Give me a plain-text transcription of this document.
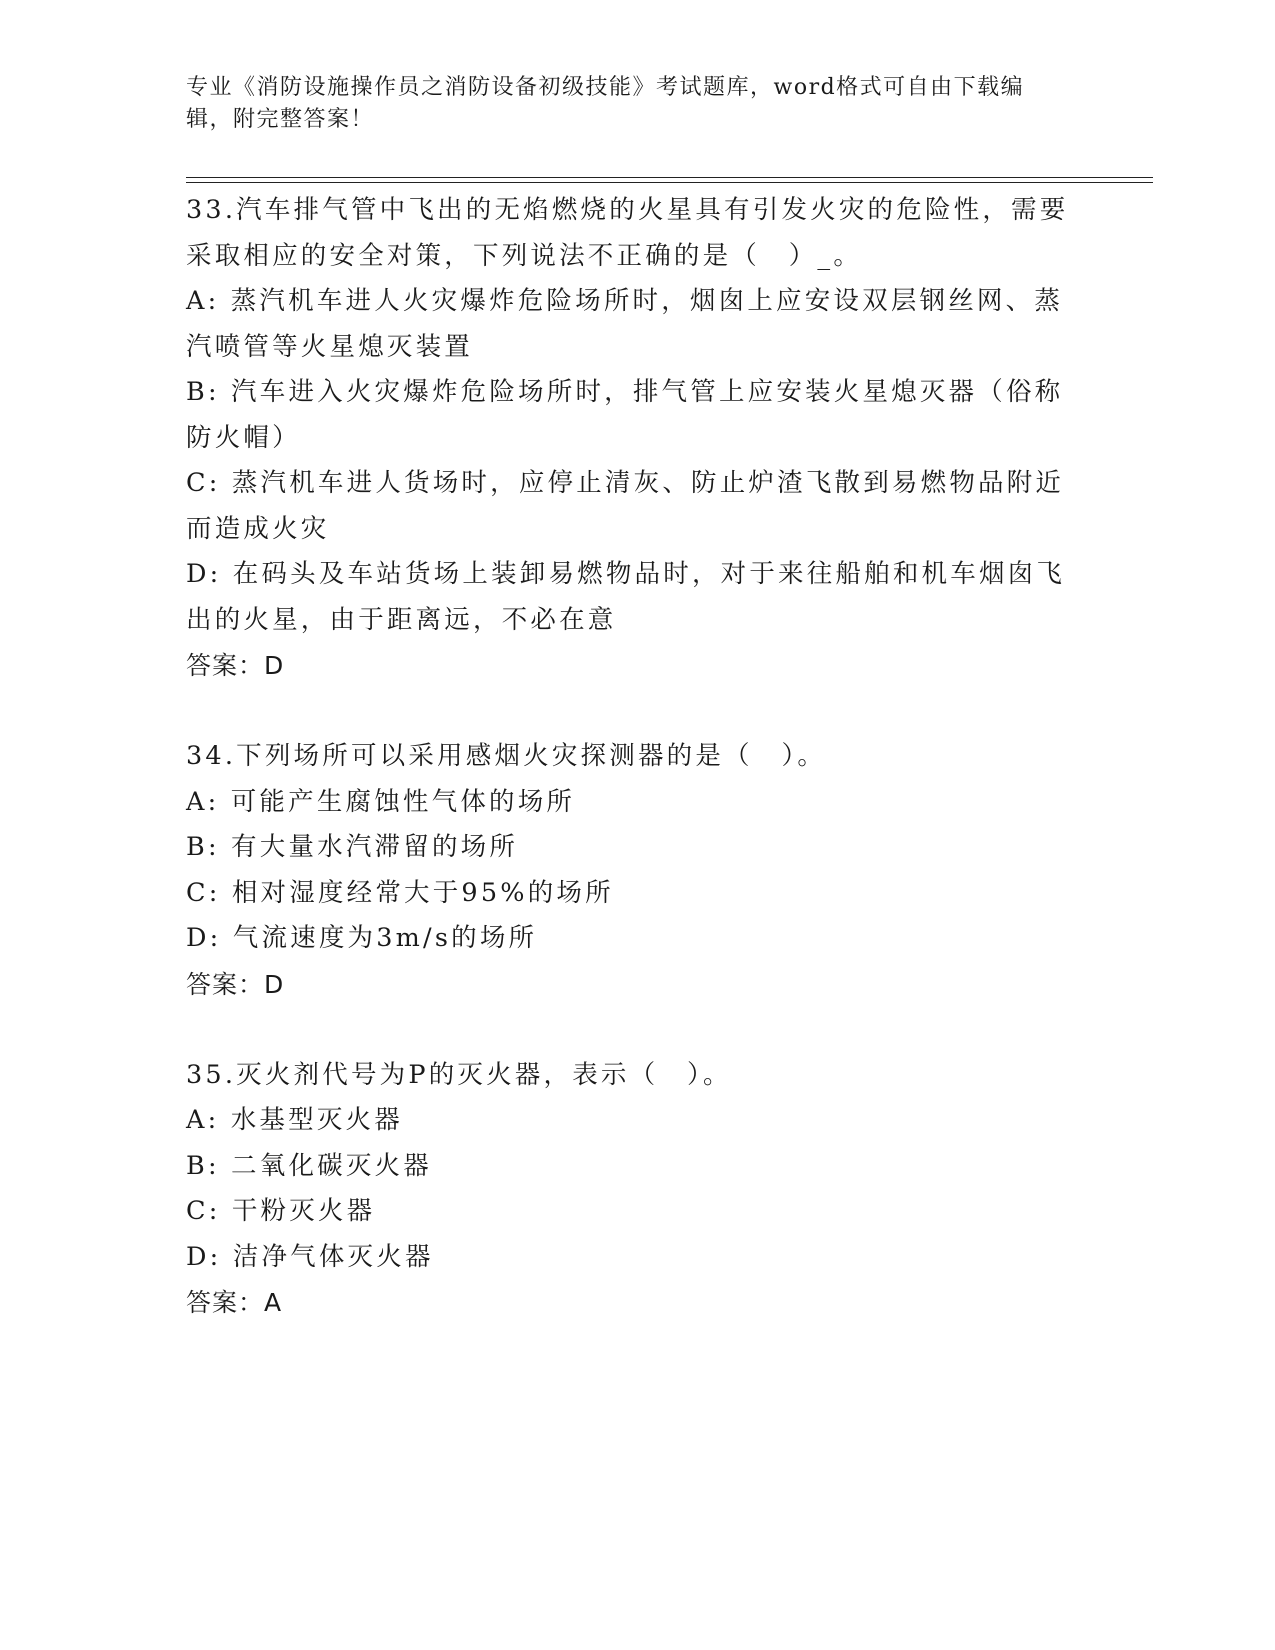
专业《消防设施操作员之消防设备初级技能》考试题库，word格式可自由下载编辑，附完整答案！
33.汽车排气管中飞出的无焰燃烧的火星具有引发火灾的危险性，需要采取相应的安全对策，下列说法不正确的是（　）_。
A: 蒸汽机车进人火灾爆炸危险场所时，烟囱上应安设双层钢丝网、蒸汽喷管等火星熄灭装置
B: 汽车进入火灾爆炸危险场所时，排气管上应安装火星熄灭器（俗称防火帽）
C: 蒸汽机车进人货场时，应停止清灰、防止炉渣飞散到易燃物品附近而造成火灾
D: 在码头及车站货场上装卸易燃物品时，对于来往船舶和机车烟囱飞出的火星，由于距离远，不必在意
答案：D
34.下列场所可以采用感烟火灾探测器的是（　）。
A: 可能产生腐蚀性气体的场所
B: 有大量水汽滞留的场所
C: 相对湿度经常大于95%的场所
D: 气流速度为3m/s的场所
答案：D
35.灭火剂代号为P的灭火器，表示（　）。
A: 水基型灭火器
B: 二氧化碳灭火器
C: 干粉灭火器
D: 洁净气体灭火器
答案：A
